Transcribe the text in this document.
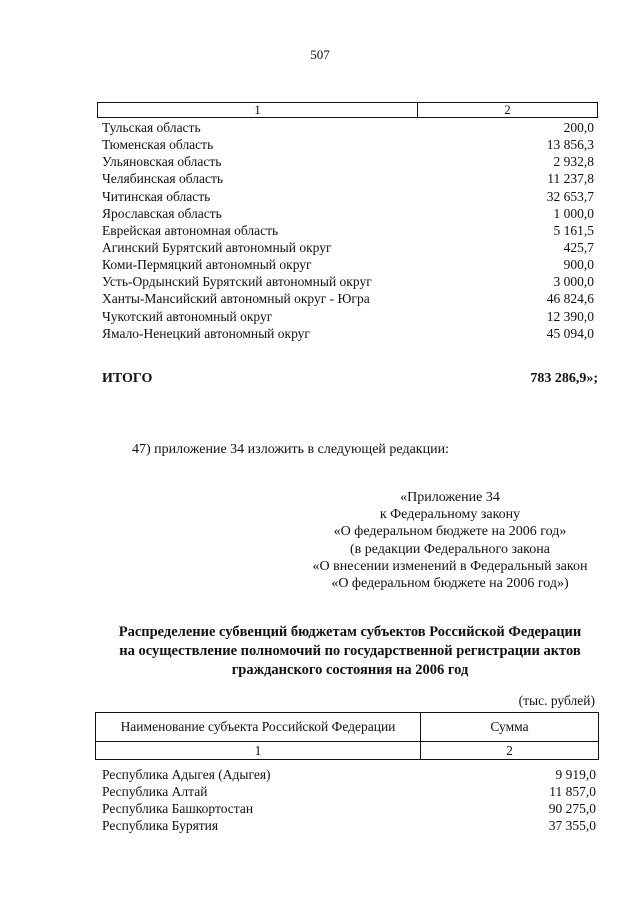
507
1	2
Тульская область	200,0
Тюменская область	13 856,3
Ульяновская область	2 932,8
Челябинская область	11 237,8
Читинская область	32 653,7
Ярославская область	1 000,0
Еврейская автономная область	5 161,5
Агинский Бурятский автономный округ	425,7
Коми-Пермяцкий автономный округ	900,0
Усть-Ордынский Бурятский автономный округ	3 000,0
Ханты-Мансийский автономный округ - Югра	46 824,6
Чукотский автономный округ	12 390,0
Ямало-Ненецкий автономный округ	45 094,0
ИТОГО	783 286,9»;
47) приложение 34 изложить в следующей редакции:
«Приложение 34
к Федеральному закону
«О федеральном бюджете на 2006 год»
(в редакции Федерального закона
«О внесении изменений в Федеральный закон
«О федеральном бюджете на 2006 год»)
Распределение субвенций бюджетам субъектов Российской Федерации
на осуществление полномочий по государственной регистрации актов
гражданского состояния на 2006 год
(тыс. рублей)
Наименование субъекта Российской Федерации	Сумма
1	2
Республика Адыгея (Адыгея)	9 919,0
Республика Алтай	11 857,0
Республика Башкортостан	90 275,0
Республика Бурятия	37 355,0
